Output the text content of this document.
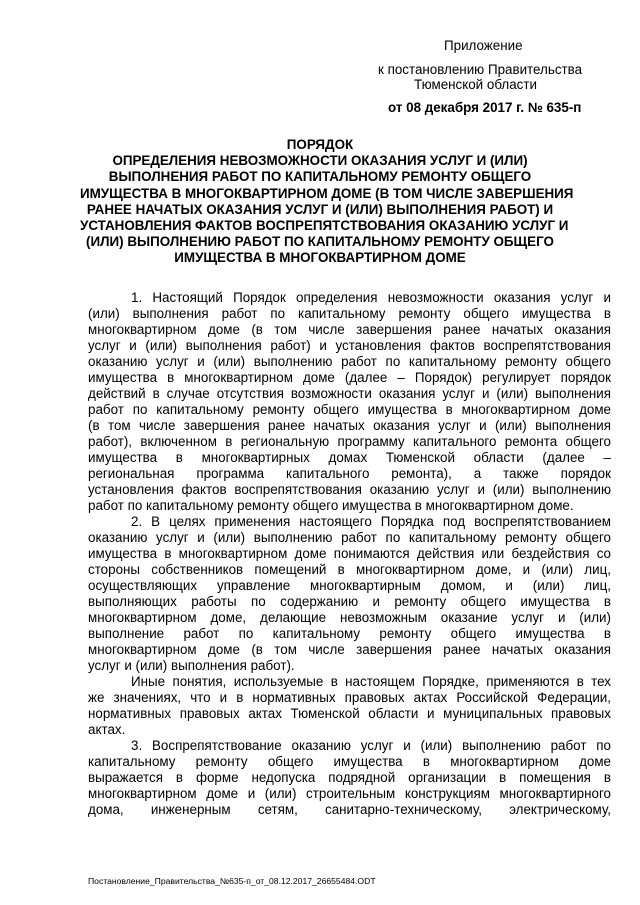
Приложение
к постановлению Правительства
Тюменской области
от 08 декабря 2017 г. № 635-п
ПОРЯДОК
ОПРЕДЕЛЕНИЯ НЕВОЗМОЖНОСТИ ОКАЗАНИЯ УСЛУГ И (ИЛИ)
ВЫПОЛНЕНИЯ РАБОТ ПО КАПИТАЛЬНОМУ РЕМОНТУ ОБЩЕГО
ИМУЩЕСТВА В МНОГОКВАРТИРНОМ ДОМЕ (В ТОМ ЧИСЛЕ ЗАВЕРШЕНИЯ
РАНЕЕ НАЧАТЫХ ОКАЗАНИЯ УСЛУГ И (ИЛИ) ВЫПОЛНЕНИЯ РАБОТ) И
УСТАНОВЛЕНИЯ ФАКТОВ ВОСПРЕПЯТСТВОВАНИЯ ОКАЗАНИЮ УСЛУГ И
(ИЛИ) ВЫПОЛНЕНИЮ РАБОТ ПО КАПИТАЛЬНОМУ РЕМОНТУ ОБЩЕГО
ИМУЩЕСТВА В МНОГОКВАРТИРНОМ ДОМЕ
1. Настоящий Порядок определения невозможности оказания услуг и
(или) выполнения работ по капитальному ремонту общего имущества в
многоквартирном доме (в том числе завершения ранее начатых оказания
услуг и (или) выполнения работ) и установления фактов воспрепятствования
оказанию услуг и (или) выполнению работ по капитальному ремонту общего
имущества в многоквартирном доме (далее – Порядок) регулирует порядок
действий в случае отсутствия возможности оказания услуг и (или) выполнения
работ по капитальному ремонту общего имущества в многоквартирном доме
(в том числе завершения ранее начатых оказания услуг и (или) выполнения
работ), включенном в региональную программу капитального ремонта общего
имущества в многоквартирных домах Тюменской области (далее –
региональная программа капитального ремонта), а также порядок
установления фактов воспрепятствования оказанию услуг и (или) выполнению
работ по капитальному ремонту общего имущества в многоквартирном доме.
2. В целях применения настоящего Порядка под воспрепятствованием
оказанию услуг и (или) выполнению работ по капитальному ремонту общего
имущества в многоквартирном доме понимаются действия или бездействия со
стороны собственников помещений в многоквартирном доме, и (или) лиц,
осуществляющих управление многоквартирным домом, и (или) лиц,
выполняющих работы по содержанию и ремонту общего имущества в
многоквартирном доме, делающие невозможным оказание услуг и (или)
выполнение работ по капитальному ремонту общего имущества в
многоквартирном доме (в том числе завершения ранее начатых оказания
услуг и (или) выполнения работ).
Иные понятия, используемые в настоящем Порядке, применяются в тех
же значениях, что и в нормативных правовых актах Российской Федерации,
нормативных правовых актах Тюменской области и муниципальных правовых
актах.
3. Воспрепятствование оказанию услуг и (или) выполнению работ по
капитальному ремонту общего имущества в многоквартирном доме
выражается в форме недопуска подрядной организации в помещения в
многоквартирном доме и (или) строительным конструкциям многоквартирного
дома, инженерным сетям, санитарно-техническому, электрическому,
Постановление_Правительства_№635-п_от_08.12.2017_26655484.ODT
